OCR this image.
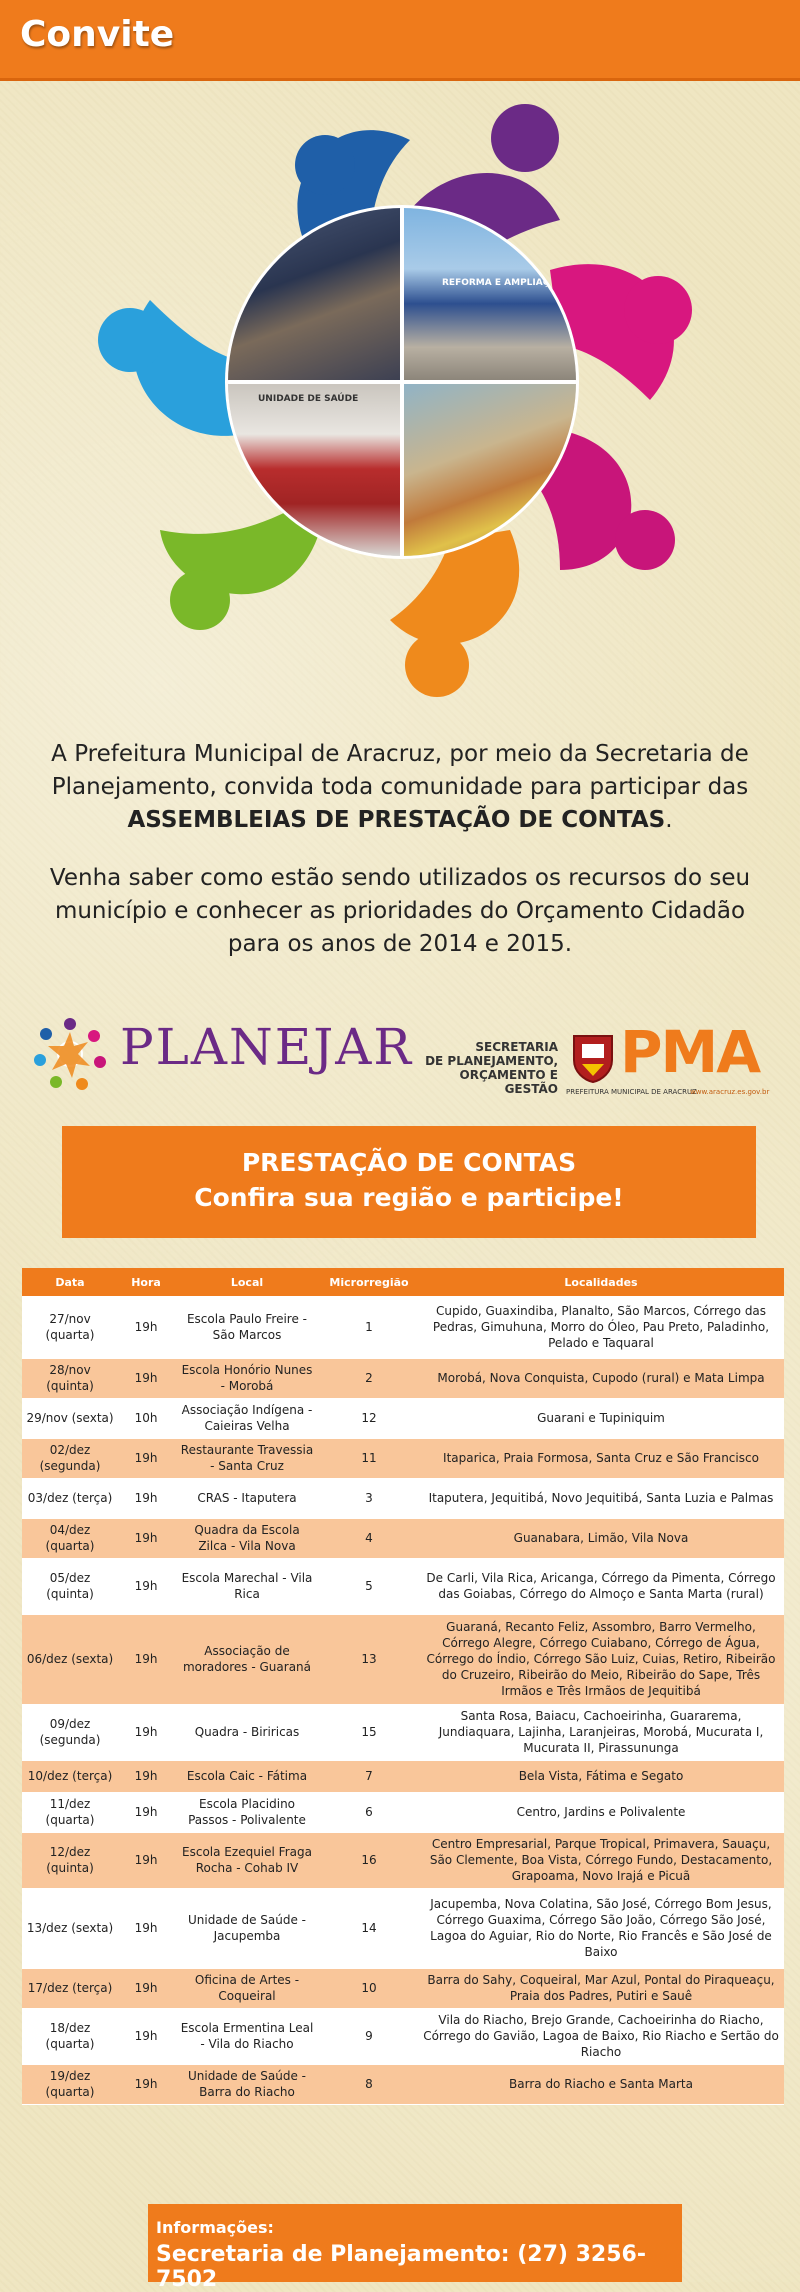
Convite
REFORMA E AMPLIAÇÃO
UNIDADE DE SAÚDE

A Prefeitura Municipal de Aracruz, por meio da Secretaria de Planejamento, convida toda comunidade para participar das ASSEMBLEIAS DE PRESTAÇÃO DE CONTAS.

Venha saber como estão sendo utilizados os recursos do seu município e conhecer as prioridades do Orçamento Cidadão para os anos de 2014 e 2015.

PLANEJAR	SECRETARIA
DE PLANEJAMENTO,
ORÇAMENTO E GESTÃO
PMA
PREFEITURA MUNICIPAL DE ARACRUZ
www.aracruz.es.gov.br
PRESTAÇÃO DE CONTAS
Confira sua região e participe!
Data	Hora	Local	Microrregião	Localidades
27/nov (quarta)	19h	Escola Paulo Freire - São Marcos	1	Cupido, Guaxindiba, Planalto, São Marcos, Córrego das Pedras, Gimuhuna, Morro do Óleo, Pau Preto, Paladinho, Pelado e Taquaral
28/nov (quinta)	19h	Escola Honório Nunes - Morobá	2	Morobá, Nova Conquista, Cupodo (rural) e Mata Limpa
29/nov (sexta)	10h	Associação Indígena - Caieiras Velha	12	Guarani e Tupiniquim
02/dez (segunda)	19h	Restaurante Travessia - Santa Cruz	11	Itaparica, Praia Formosa, Santa Cruz e São Francisco
03/dez (terça)	19h	CRAS - Itaputera	3	Itaputera, Jequitibá, Novo Jequitibá, Santa Luzia e Palmas
04/dez (quarta)	19h	Quadra da Escola Zilca - Vila Nova	4	Guanabara, Limão, Vila Nova
05/dez (quinta)	19h	Escola Marechal - Vila Rica	5	De Carli, Vila Rica, Aricanga, Córrego da Pimenta, Córrego das Goiabas, Córrego do Almoço e Santa Marta (rural)
06/dez (sexta)	19h	Associação de moradores - Guaraná	13	Guaraná, Recanto Feliz, Assombro, Barro Vermelho, Córrego Alegre, Córrego Cuiabano, Córrego de Água, Córrego do Índio, Córrego São Luiz, Cuias, Retiro, Ribeirão do Cruzeiro, Ribeirão do Meio, Ribeirão do Sape, Três Irmãos e Três Irmãos de Jequitibá
09/dez (segunda)	19h	Quadra - Biriricas	15	Santa Rosa, Baiacu, Cachoeirinha, Guararema, Jundiaquara, Lajinha, Laranjeiras, Morobá, Mucurata I, Mucurata II, Pirassununga
10/dez (terça)	19h	Escola Caic - Fátima	7	Bela Vista, Fátima e Segato
11/dez (quarta)	19h	Escola Placidino Passos - Polivalente	6	Centro, Jardins e Polivalente
12/dez (quinta)	19h	Escola Ezequiel Fraga Rocha - Cohab IV	16	Centro Empresarial, Parque Tropical, Primavera, Sauaçu, São Clemente, Boa Vista, Córrego Fundo, Destacamento, Grapoama, Novo Irajá e Picuã
13/dez (sexta)	19h	Unidade de Saúde - Jacupemba	14	Jacupemba, Nova Colatina, São José, Córrego Bom Jesus, Córrego Guaxima, Córrego São João, Córrego São José, Lagoa do Aguiar, Rio do Norte, Rio Francês e São José de Baixo
17/dez (terça)	19h	Oficina de Artes - Coqueiral	10	Barra do Sahy, Coqueiral, Mar Azul, Pontal do Piraqueaçu, Praia dos Padres, Putiri e Sauê
18/dez (quarta)	19h	Escola Ermentina Leal - Vila do Riacho	9	Vila do Riacho, Brejo Grande, Cachoeirinha do Riacho, Córrego do Gavião, Lagoa de Baixo, Rio Riacho e Sertão do Riacho
19/dez (quarta)	19h	Unidade de Saúde - Barra do Riacho	8	Barra do Riacho e Santa Marta
Informações:
Secretaria de Planejamento: (27) 3256-7502
